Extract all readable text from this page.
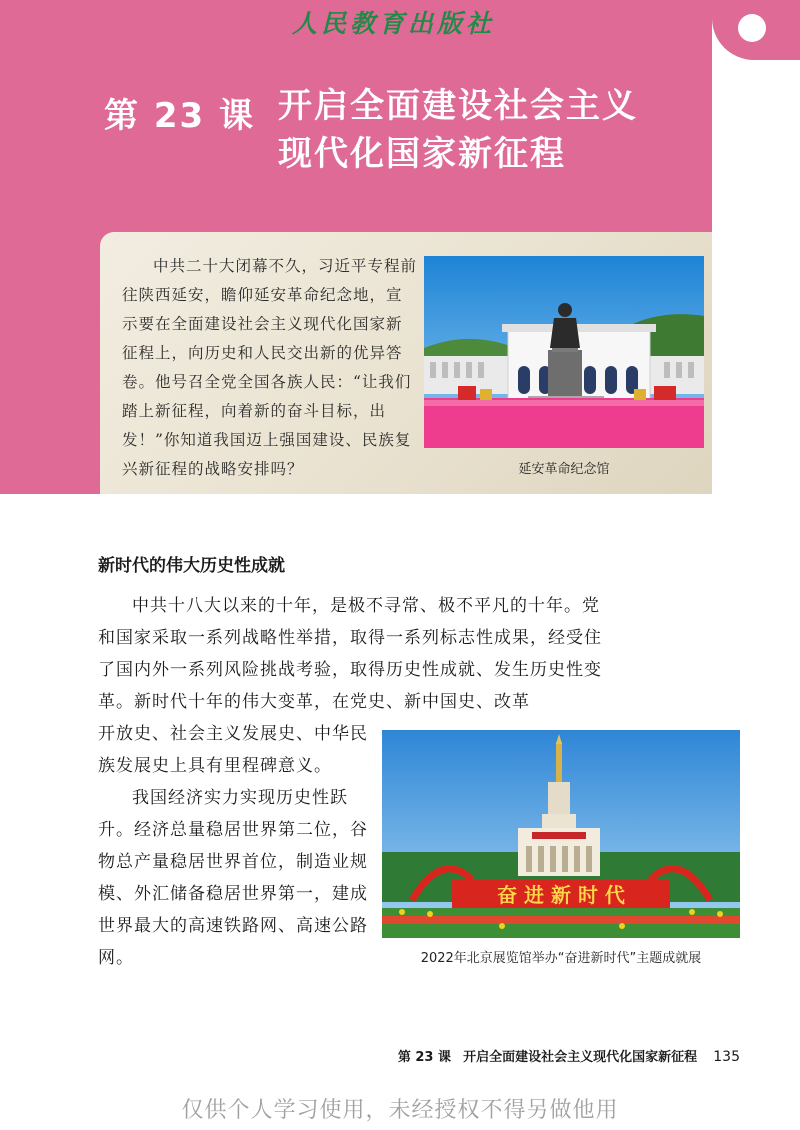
人民教育出版社
第 23 课 开启全面建设社会主义
现代化国家新征程
中共二十大闭幕不久，习近平专程前往陕西延安，瞻仰延安革命纪念地，宣示要在全面建设社会主义现代化国家新征程上，向历史和人民交出新的优异答卷。他号召全党全国各族人民：“让我们踏上新征程，向着新的奋斗目标，出发！”你知道我国迈上强国建设、民族复兴新征程的战略安排吗？	延安革命纪念馆
新时代的伟大历史性成就
中共十八大以来的十年，是极不寻常、极不平凡的十年。党和国家采取一系列战略性举措，取得一系列标志性成果，经受住了国内外一系列风险挑战考验，取得历史性成就、发生历史性变革。新时代十年的伟大变革，在党史、新中国史、改革
开放史、社会主义发展史、中华民族发展史上具有里程碑意义。
我国经济实力实现历史性跃升。经济总量稳居世界第二位，谷物总产量稳居世界首位，制造业规模、外汇储备稳居世界第一，建成世界最大的高速铁路网、高速公路网。
奋 进 新 时 代
2022年北京展览馆举办“奋进新时代”主题成就展
第 23 课 开启全面建设社会主义现代化国家新征程 135
仅供个人学习使用，未经授权不得另做他用
